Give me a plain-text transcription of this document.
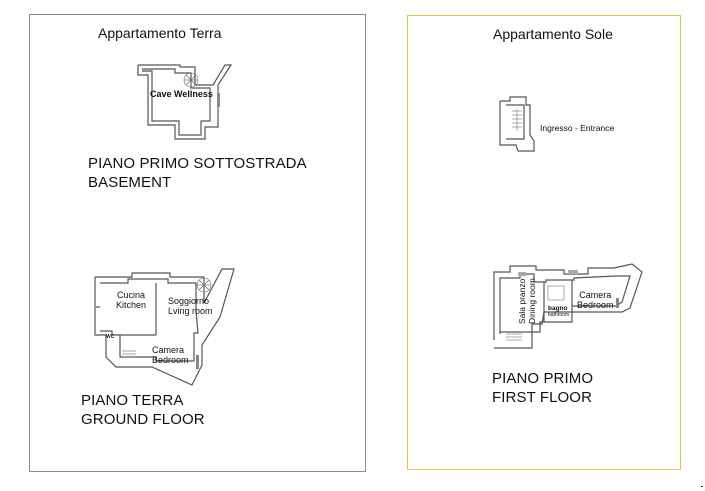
Appartamento Terra
Cave Wellness
PIANO PRIMO SOTTOSTRADA
BASEMENT
Cucina
Kitchen Soggiorno
Lving room
WC
Camera
Bedroom
PIANO TERRA
GROUND FLOOR
Appartamento Sole
Ingresso - Entrance
Sala pranzo Dining room bagno
bathroom
Camera
Bedroom
PIANO PRIMO
FIRST FLOOR
